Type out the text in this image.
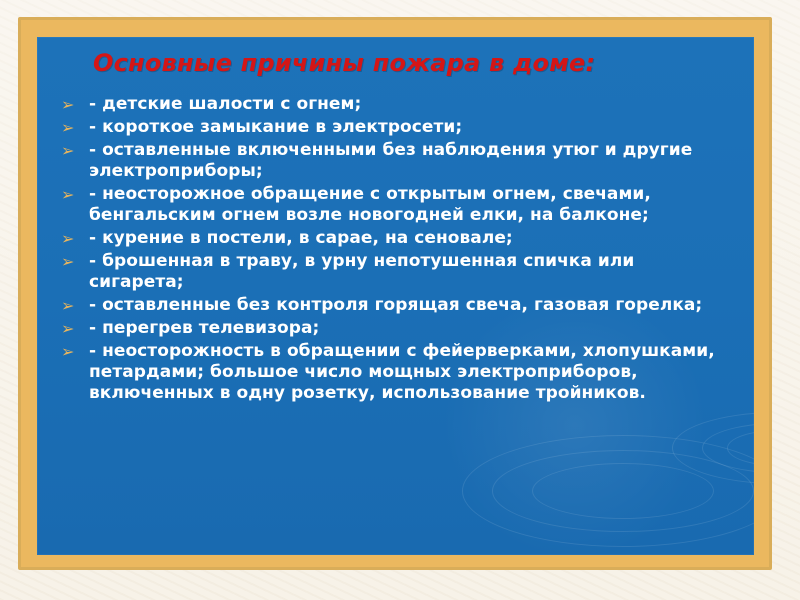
Основные причины пожара в доме:
➢ - детские шалости с огнем;
➢ - короткое замыкание в электросети;
➢ - оставленные включенными без наблюдения утюг и другие электроприборы;
➢ - неосторожное обращение с открытым огнем, свечами, бенгальским огнем возле новогодней елки, на балконе;
➢ - курение в постели, в сарае, на сеновале;
➢ - брошенная в траву, в урну непотушенная спичка или сигарета;
➢ - оставленные без контроля горящая свеча, газовая горелка;
➢ - перегрев телевизора;
➢ - неосторожность в обращении с фейерверками, хлопушками, петардами; большое число мощных электроприборов, включенных в одну розетку, использование тройников.
